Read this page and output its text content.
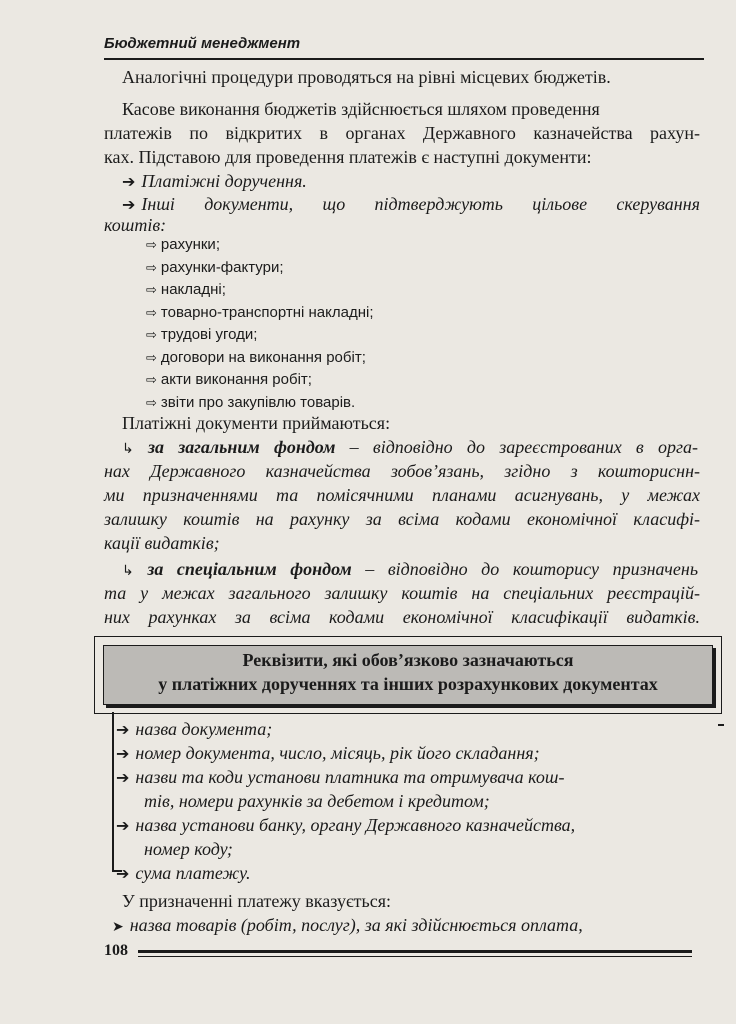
Бюджетний менеджмент
Аналогічні процедури проводяться на рівні місцевих бюджетів.
Касове виконання бюджетів здійснюється шляхом проведення
платежів по відкритих в органах Державного казначейства рахун-
ках. Підставою для проведення платежів є наступні документи:
➔ Платіжні доручення.
➔ Інші документи, що підтверджують цільове скерування
коштів:
⇨ рахунки;
⇨ рахунки-фактури;
⇨ накладні;
⇨ товарно-транспортні накладні;
⇨ трудові угоди;
⇨ договори на виконання робіт;
⇨ акти виконання робіт;
⇨ звіти про закупівлю товарів.
Платіжні документи приймаються:
↳ за загальним фондом – відповідно до зареєстрованих в орга-
нах Державного казначейства зобов’язань, згідно з кошториснн-
ми призначеннями та помісячними планами асигнувань, у межах
залишку коштів на рахунку за всіма кодами економічної класифі-
кації видатків;
↳ за спеціальним фондом – відповідно до кошторису призначень
та у межах загального залишку коштів на спеціальних реєстрацій-
них рахунках за всіма кодами економічної класифікації видатків.
Реквізити, які обов’язково зазначаються
у платіжних дорученнях та інших розрахункових документах
➔ назва документа;
➔ номер документа, число, місяць, рік його складання;
➔ назви та коди установи платника та отримувача кош-
тів, номери рахунків за дебетом і кредитом;
➔ назва установи банку, органу Державного казначейства,
номер коду;
➔ сума платежу.
У призначенні платежу вказується:
➤ назва товарів (робіт, послуг), за які здійснюється оплата,
108
